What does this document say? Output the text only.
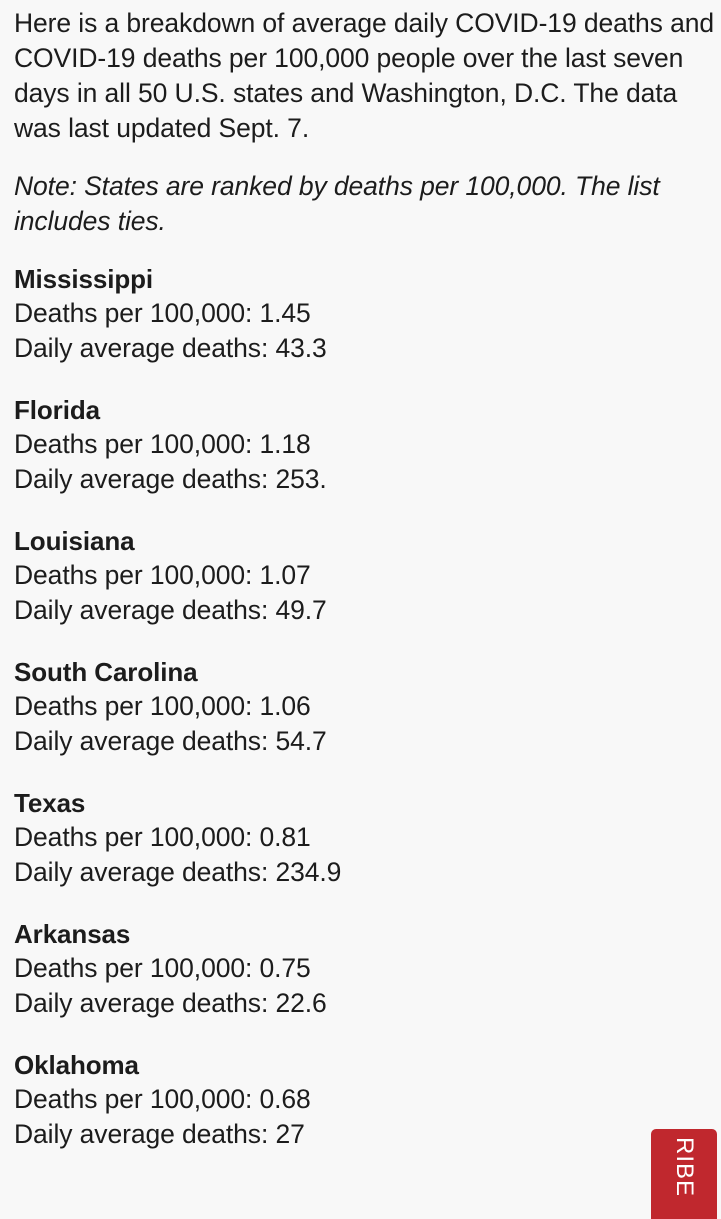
Here is a breakdown of average daily COVID-19 deaths and COVID-19 deaths per 100,000 people over the last seven days in all 50 U.S. states and Washington, D.C. The data was last updated Sept. 7.

Note: States are ranked by deaths per 100,000. The list includes ties.

Mississippi

Deaths per 100,000: 1.45

Daily average deaths: 43.3

Florida

Deaths per 100,000: 1.18

Daily average deaths: 253.

Louisiana

Deaths per 100,000: 1.07

Daily average deaths: 49.7

South Carolina

Deaths per 100,000: 1.06

Daily average deaths: 54.7

Texas

Deaths per 100,000: 0.81

Daily average deaths: 234.9

Arkansas

Deaths per 100,000: 0.75

Daily average deaths: 22.6

Oklahoma

Deaths per 100,000: 0.68

Daily average deaths: 27

RIBE
